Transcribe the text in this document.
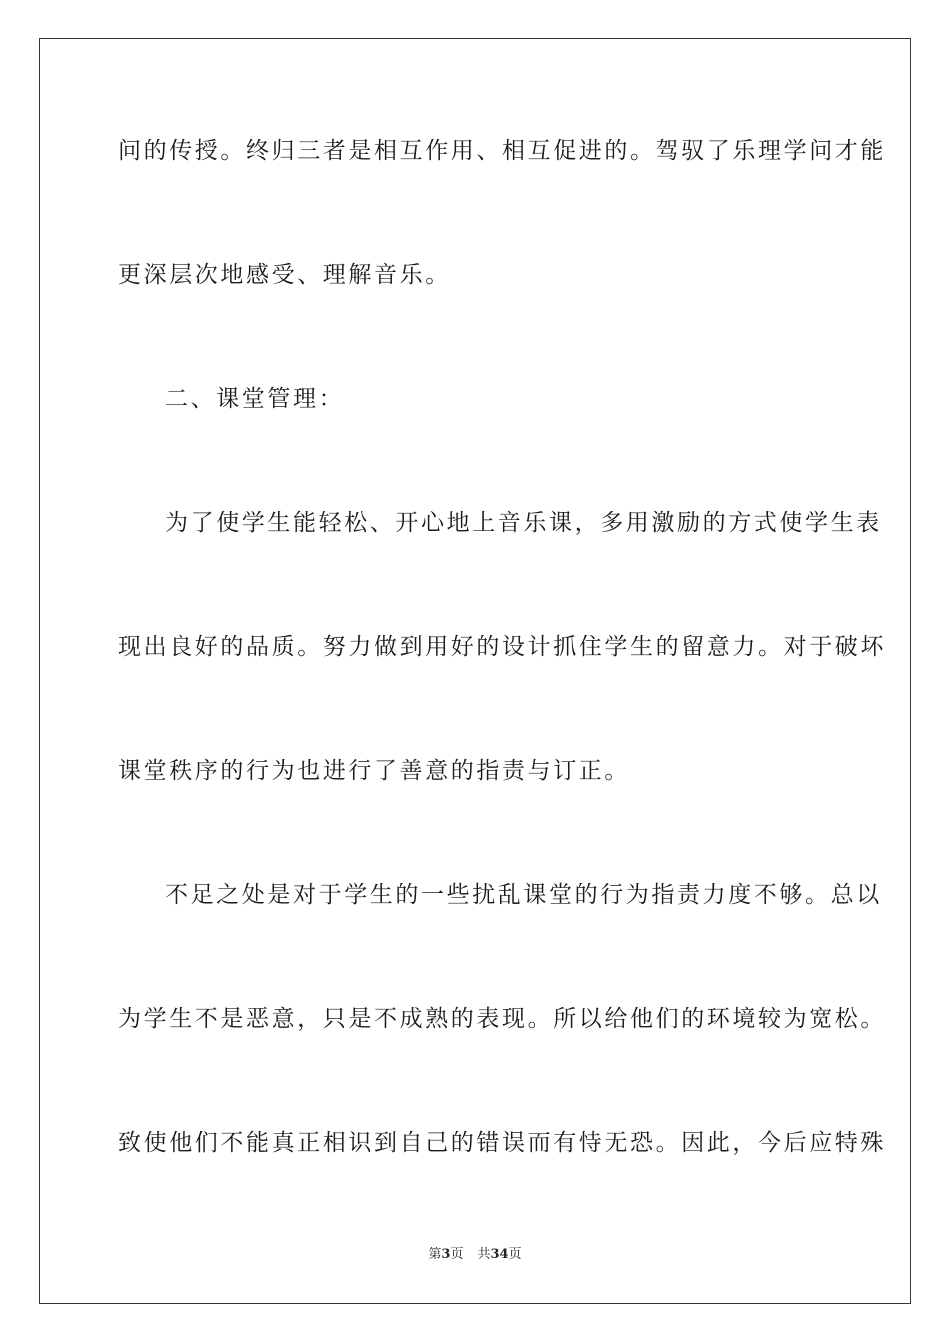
问的传授。终归三者是相互作用、相互促进的。驾驭了乐理学问才能
更深层次地感受、理解音乐。
二、课堂管理：
为了使学生能轻松、开心地上音乐课，多用激励的方式使学生表
现出良好的品质。努力做到用好的设计抓住学生的留意力。对于破坏
课堂秩序的行为也进行了善意的指责与订正。
不足之处是对于学生的一些扰乱课堂的行为指责力度不够。总以
为学生不是恶意，只是不成熟的表现。所以给他们的环境较为宽松。
致使他们不能真正相识到自己的错误而有恃无恐。因此，今后应特殊
第3页 共34页
